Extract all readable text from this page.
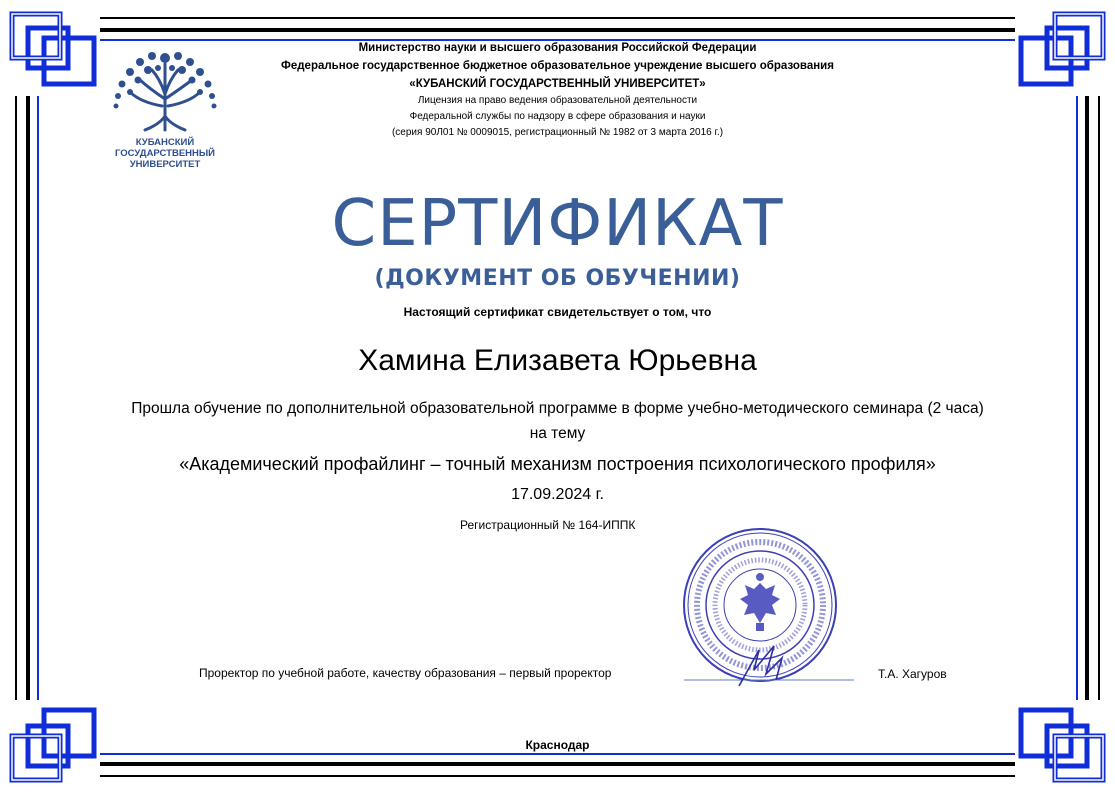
КУБАНСКИЙ
ГОСУДАРСТВЕННЫЙ
УНИВЕРСИТЕТ
Министерство науки и высшего образования Российской Федерации
Федеральное государственное бюджетное образовательное учреждение высшего образования
«КУБАНСКИЙ ГОСУДАРСТВЕННЫЙ УНИВЕРСИТЕТ»
Лицензия на право ведения образовательной деятельности
Федеральной службы по надзору в сфере образования и науки
(серия 90Л01 № 0009015, регистрационный № 1982 от 3 марта 2016 г.)
СЕРТИФИКАТ
(ДОКУМЕНТ ОБ ОБУЧЕНИИ)
Настоящий сертификат свидетельствует о том, что
Хамина Елизавета Юрьевна
Прошла обучение по дополнительной образовательной программе в форме учебно-методического семинара (2 часа)
на тему
«Академический профайлинг – точный механизм построения психологического профиля»
17.09.2024 г.
Регистрационный № 164-ИППК
Проректор по учебной работе, качеству образования – первый проректор	Т.А. Хагуров
Краснодар
